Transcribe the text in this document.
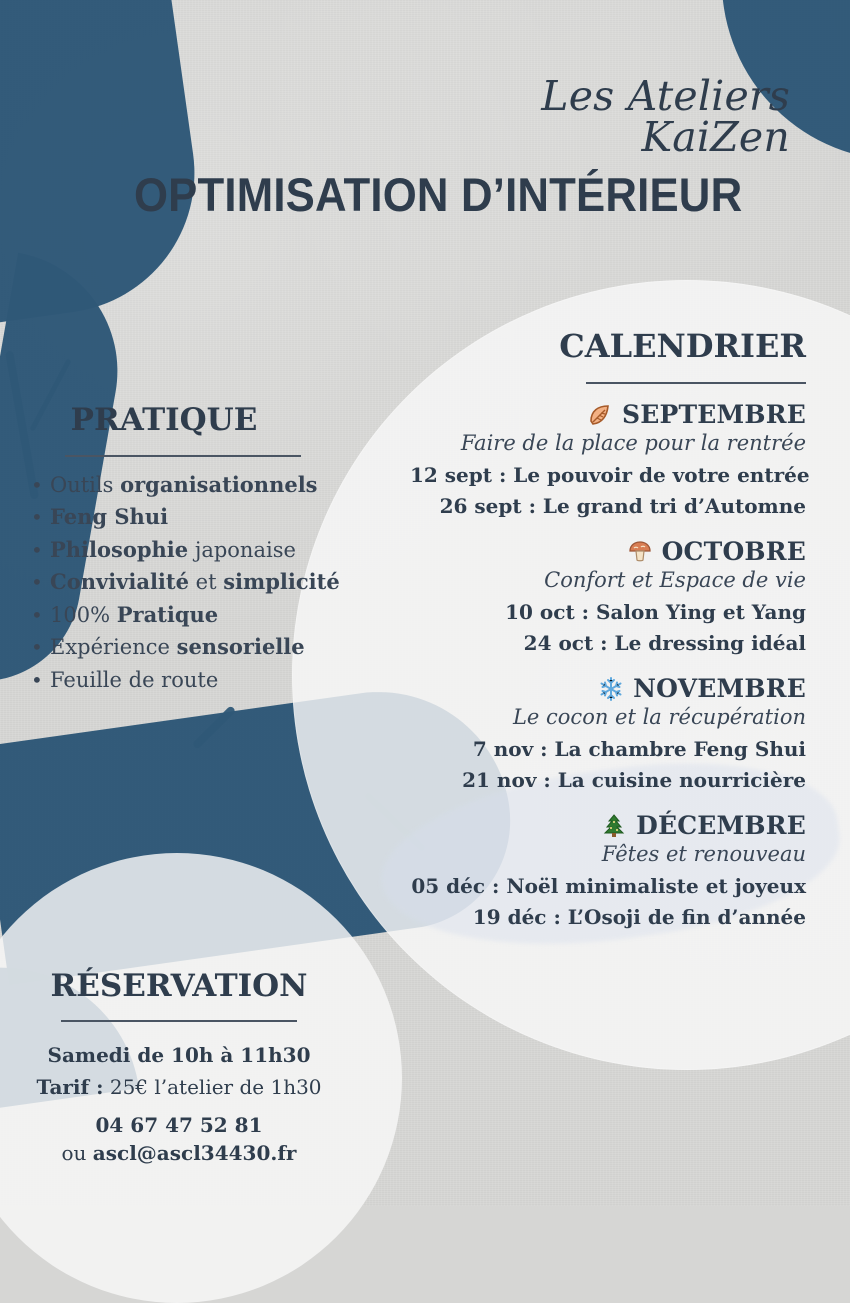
Les Ateliers KaiZen
OPTIMISATION D’INTÉRIEUR
PRATIQUE
• Outils organisationnels
• Feng Shui
• Philosophie japonaise
• Convivialité et simplicité
• 100% Pratique
• Expérience sensorielle
• Feuille de route
CALENDRIER
SEPTEMBRE
Faire de la place pour la rentrée
12 sept : Le pouvoir de votre entrée
26 sept : Le grand tri d’Automne
OCTOBRE
Confort et Espace de vie
10 oct : Salon Ying et Yang
24 oct : Le dressing idéal
NOVEMBRE
Le cocon et la récupération
7 nov : La chambre Feng Shui
21 nov : La cuisine nourricière
DÉCEMBRE
Fêtes et renouveau
05 déc : Noël minimaliste et joyeux
19 déc : L’Osoji de fin d’année
RÉSERVATION
Samedi de 10h à 11h30
Tarif : 25€ l’atelier de 1h30
04 67 47 52 81
ou ascl@ascl34430.fr
